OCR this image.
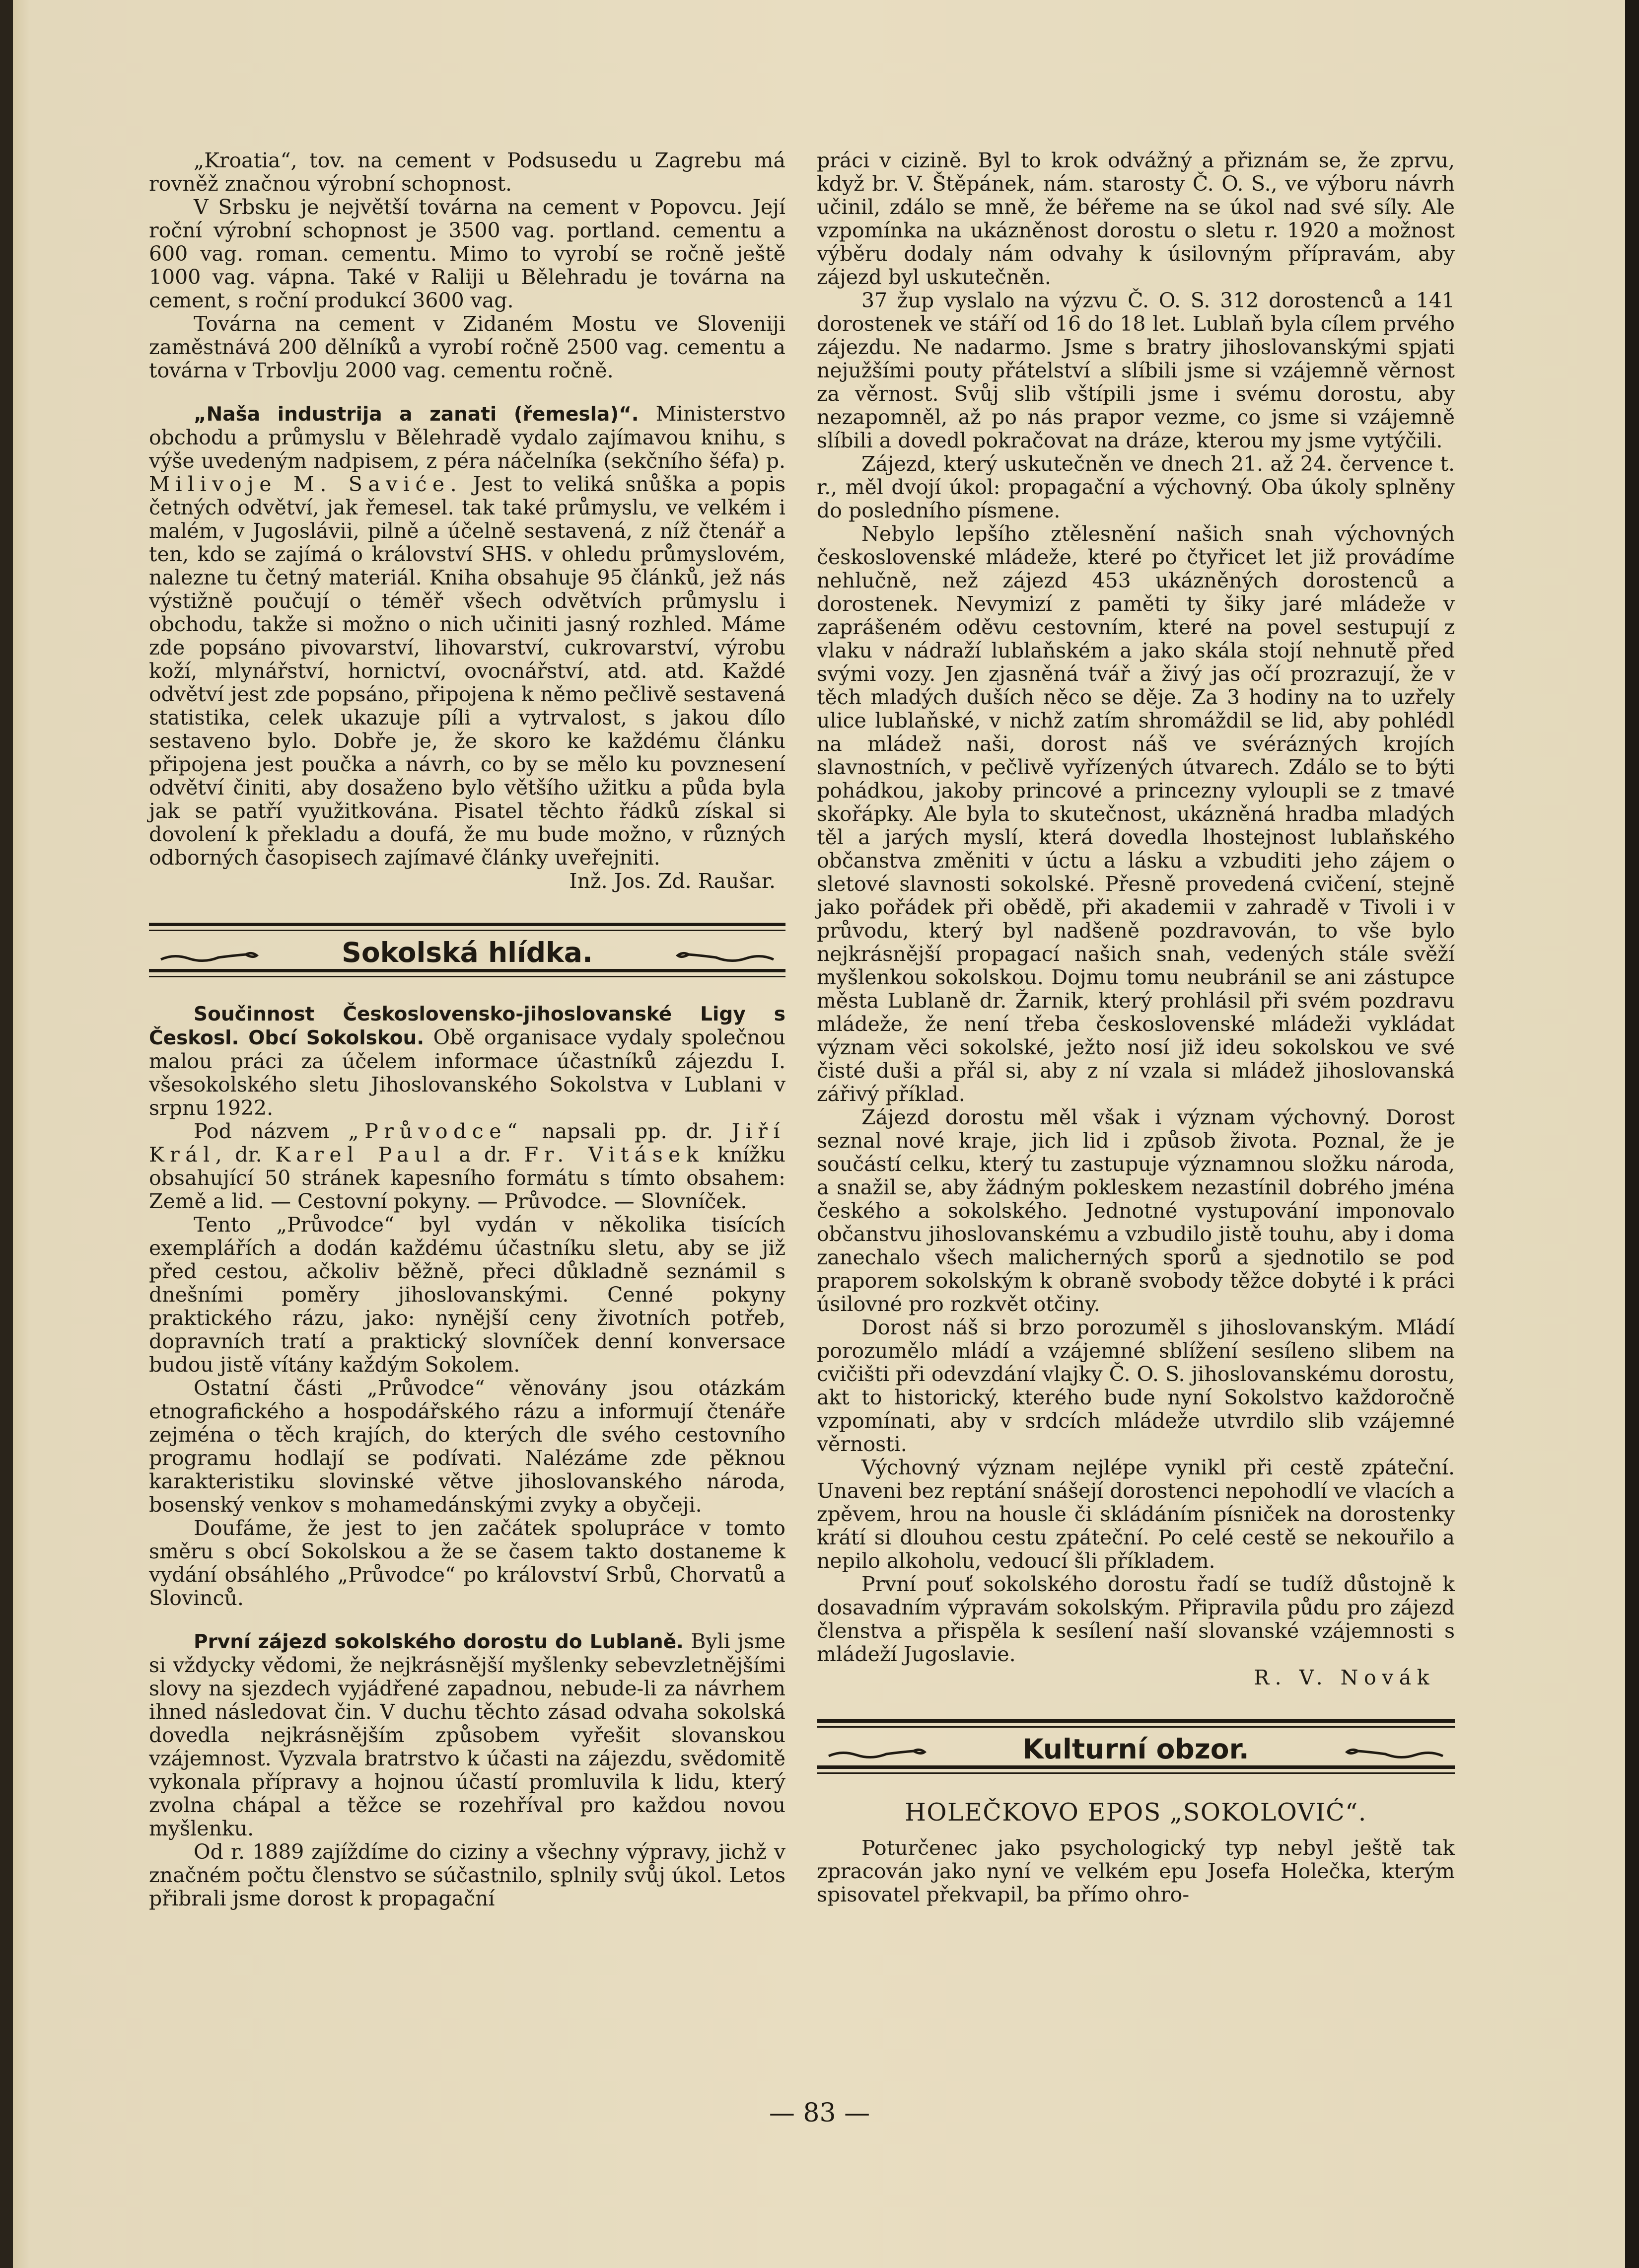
„Kroatia“, tov. na cement v Podsusedu u Zagrebu má rovněž značnou výrobní schopnost.

V Srbsku je největší továrna na cement v Popovcu. Její roční výrobní schopnost je 3500 vag. portland. cementu a 600 vag. roman. cementu. Mimo to vyrobí se ročně ještě 1000 vag. vápna. Také v Raliji u Bělehradu je továrna na cement, s roční produkcí 3600 vag.

Továrna na cement v Zidaném Mostu ve Sloveniji zaměstnává 200 dělníků a vyrobí ročně 2500 vag. cementu a továrna v Trbovlju 2000 vag. cementu ročně.

„Naša industrija a zanati (řemesla)“. Ministerstvo obchodu a průmyslu v Bělehradě vydalo zajímavou knihu, s výše uvedeným nadpisem, z péra náčelníka (sekčního šéfa) p. Milivoje M. Saviće. Jest to veliká snůška a popis četných odvětví, jak řemesel. tak také průmyslu, ve velkém i malém, v Jugoslávii, pilně a účelně sestavená, z níž čtenář a ten, kdo se zajímá o království SHS. v ohledu průmyslovém, nalezne tu četný materiál. Kniha obsahuje 95 článků, jež nás výstižně poučují o téměř všech odvětvích průmyslu i obchodu, takže si možno o nich učiniti jasný rozhled. Máme zde popsáno pivovarství, lihovarství, cukrovarství, výrobu koží, mlynářství, hornictví, ovocnářství, atd. atd. Každé odvětví jest zde popsáno, připojena k němo pečlivě sestavená statistika, celek ukazuje píli a vytrvalost, s jakou dílo sestaveno bylo. Dobře je, že skoro ke každému článku připojena jest poučka a návrh, co by se mělo ku povznesení odvětví činiti, aby dosaženo bylo většího užitku a půda byla jak se patří využitkována. Pisatel těchto řádků získal si dovolení k překladu a doufá, že mu bude možno, v různých odborných časopisech zajímavé články uveřejniti.

Inž. Jos. Zd. Raušar.

Sokolská hlídka.

Součinnost Československo-jihoslovanské Ligy s Českosl. Obcí Sokolskou. Obě organisace vydaly společnou malou práci za účelem informace účastníků zájezdu I. všesokolského sletu Jihoslovanského Sokolstva v Lublani v srpnu 1922.

Pod názvem „Průvodce“ napsali pp. dr. Jiří Král, dr. Karel Paul a dr. Fr. Vitásek knížku obsahující 50 stránek kapesního formátu s tímto obsahem: Země a lid. — Cestovní pokyny. — Průvodce. — Slovníček.

Tento „Průvodce“ byl vydán v několika tisících exemplářích a dodán každému účastníku sletu, aby se již před cestou, ačkoliv běžně, přeci důkladně seznámil s dnešními poměry jihoslovanskými. Cenné pokyny praktického rázu, jako: nynější ceny životních potřeb, dopravních tratí a praktický slovníček denní konversace budou jistě vítány každým Sokolem.

Ostatní části „Průvodce“ věnovány jsou otázkám etnografického a hospodářského rázu a informují čtenáře zejména o těch krajích, do kterých dle svého cestovního programu hodlají se podívati. Nalézáme zde pěknou karakteristiku slovinské větve jihoslovanského národa, bosenský venkov s mohamedánskými zvyky a obyčeji.

Doufáme, že jest to jen začátek spolupráce v tomto směru s obcí Sokolskou a že se časem takto dostaneme k vydání obsáhlého „Průvodce“ po království Srbů, Chorvatů a Slovinců.

První zájezd sokolského dorostu do Lublaně. Byli jsme si vždycky vědomi, že nejkrásnější myšlenky sebevzletnějšími slovy na sjezdech vyjádřené zapadnou, nebude-li za návrhem ihned následovat čin. V duchu těchto zásad odvaha sokolská dovedla nejkrásnějším způsobem vyřešit slovanskou vzájemnost. Vyzvala bratrstvo k účasti na zájezdu, svědomitě vykonala přípravy a hojnou účastí promluvila k lidu, který zvolna chápal a těžce se rozehříval pro každou novou myšlenku.

Od r. 1889 zajíždíme do ciziny a všechny výpravy, jichž v značném počtu členstvo se súčastnilo, splnily svůj úkol. Letos přibrali jsme dorost k propagační

práci v cizině. Byl to krok odvážný a přiznám se, že zprvu, když br. V. Štěpánek, nám. starosty Č. O. S., ve výboru návrh učinil, zdálo se mně, že béřeme na se úkol nad své síly. Ale vzpomínka na ukázněnost dorostu o sletu r. 1920 a možnost výběru dodaly nám odvahy k úsilovným přípravám, aby zájezd byl uskutečněn.

37 žup vyslalo na výzvu Č. O. S. 312 dorostenců a 141 dorostenek ve stáří od 16 do 18 let. Lublaň byla cílem prvého zájezdu. Ne nadarmo. Jsme s bratry jihoslovanskými spjati nejužšími pouty přátelství a slíbili jsme si vzájemně věrnost za věrnost. Svůj slib vštípili jsme i svému dorostu, aby nezapomněl, až po nás prapor vezme, co jsme si vzájemně slíbili a dovedl pokračovat na dráze, kterou my jsme vytýčili.

Zájezd, který uskutečněn ve dnech 21. až 24. července t. r., měl dvojí úkol: propagační a výchovný. Oba úkoly splněny do posledního písmene.

Nebylo lepšího ztělesnění našich snah výchovných československé mládeže, které po čtyřicet let již provádíme nehlučně, než zájezd 453 ukázněných dorostenců a dorostenek. Nevymizí z paměti ty šiky jaré mládeže v zaprášeném oděvu cestovním, které na povel sestupují z vlaku v nádraží lublaňském a jako skála stojí nehnutě před svými vozy. Jen zjasněná tvář a živý jas očí prozrazují, že v těch mladých duších něco se děje. Za 3 hodiny na to uzřely ulice lublaňské, v nichž zatím shromáždil se lid, aby pohlédl na mládež naši, dorost náš ve svérázných krojích slavnostních, v pečlivě vyřízených útvarech. Zdálo se to býti pohádkou, jakoby princové a princezny vyloupli se z tmavé skořápky. Ale byla to skutečnost, ukázněná hradba mladých těl a jarých myslí, která dovedla lhostejnost lublaňského občanstva změniti v úctu a lásku a vzbuditi jeho zájem o sletové slavnosti sokolské. Přesně provedená cvičení, stejně jako pořádek při obědě, při akademii v zahradě v Tivoli i v průvodu, který byl nadšeně pozdravován, to vše bylo nejkrásnější propagací našich snah, vedených stále svěží myšlenkou sokolskou. Dojmu tomu neubránil se ani zástupce města Lublaně dr. Žarnik, který prohlásil při svém pozdravu mládeže, že není třeba československé mládeži vykládat význam věci sokolské, ježto nosí již ideu sokolskou ve své čisté duši a přál si, aby z ní vzala si mládež jihoslovanská zářivý příklad.

Zájezd dorostu měl však i význam výchovný. Dorost seznal nové kraje, jich lid i způsob života. Poznal, že je součástí celku, který tu zastupuje významnou složku národa, a snažil se, aby žádným pokleskem nezastínil dobrého jména českého a sokolského. Jednotné vystupování imponovalo občanstvu jihoslovanskému a vzbudilo jistě touhu, aby i doma zanechalo všech malicherných sporů a sjednotilo se pod praporem sokolským k obraně svobody těžce dobyté i k práci úsilovné pro rozkvět otčiny.

Dorost náš si brzo porozuměl s jihoslovanským. Mládí porozumělo mládí a vzájemné sblížení sesíleno slibem na cvičišti při odevzdání vlajky Č. O. S. jihoslovanskému dorostu, akt to historický, kterého bude nyní Sokolstvo každoročně vzpomínati, aby v srdcích mládeže utvrdilo slib vzájemné věrnosti.

Výchovný význam nejlépe vynikl při cestě zpáteční. Unaveni bez reptání snášejí dorostenci nepohodlí ve vlacích a zpěvem, hrou na housle či skládáním písniček na dorostenky krátí si dlouhou cestu zpáteční. Po celé cestě se nekouřilo a nepilo alkoholu, vedoucí šli příkladem.

První pouť sokolského dorostu řadí se tudíž důstojně k dosavadním výpravám sokolským. Připravila půdu pro zájezd členstva a přispěla k sesílení naší slovanské vzájemnosti s mládeží Jugoslavie.

R. V. Novák

Kulturní obzor.
HOLEČKOVO EPOS „SOKOLOVIĆ“.

Poturčenec jako psychologický typ nebyl ještě tak zpracován jako nyní ve velkém epu Josefa Holečka, kterým spisovatel překvapil, ba přímo ohro-

— 83 —
